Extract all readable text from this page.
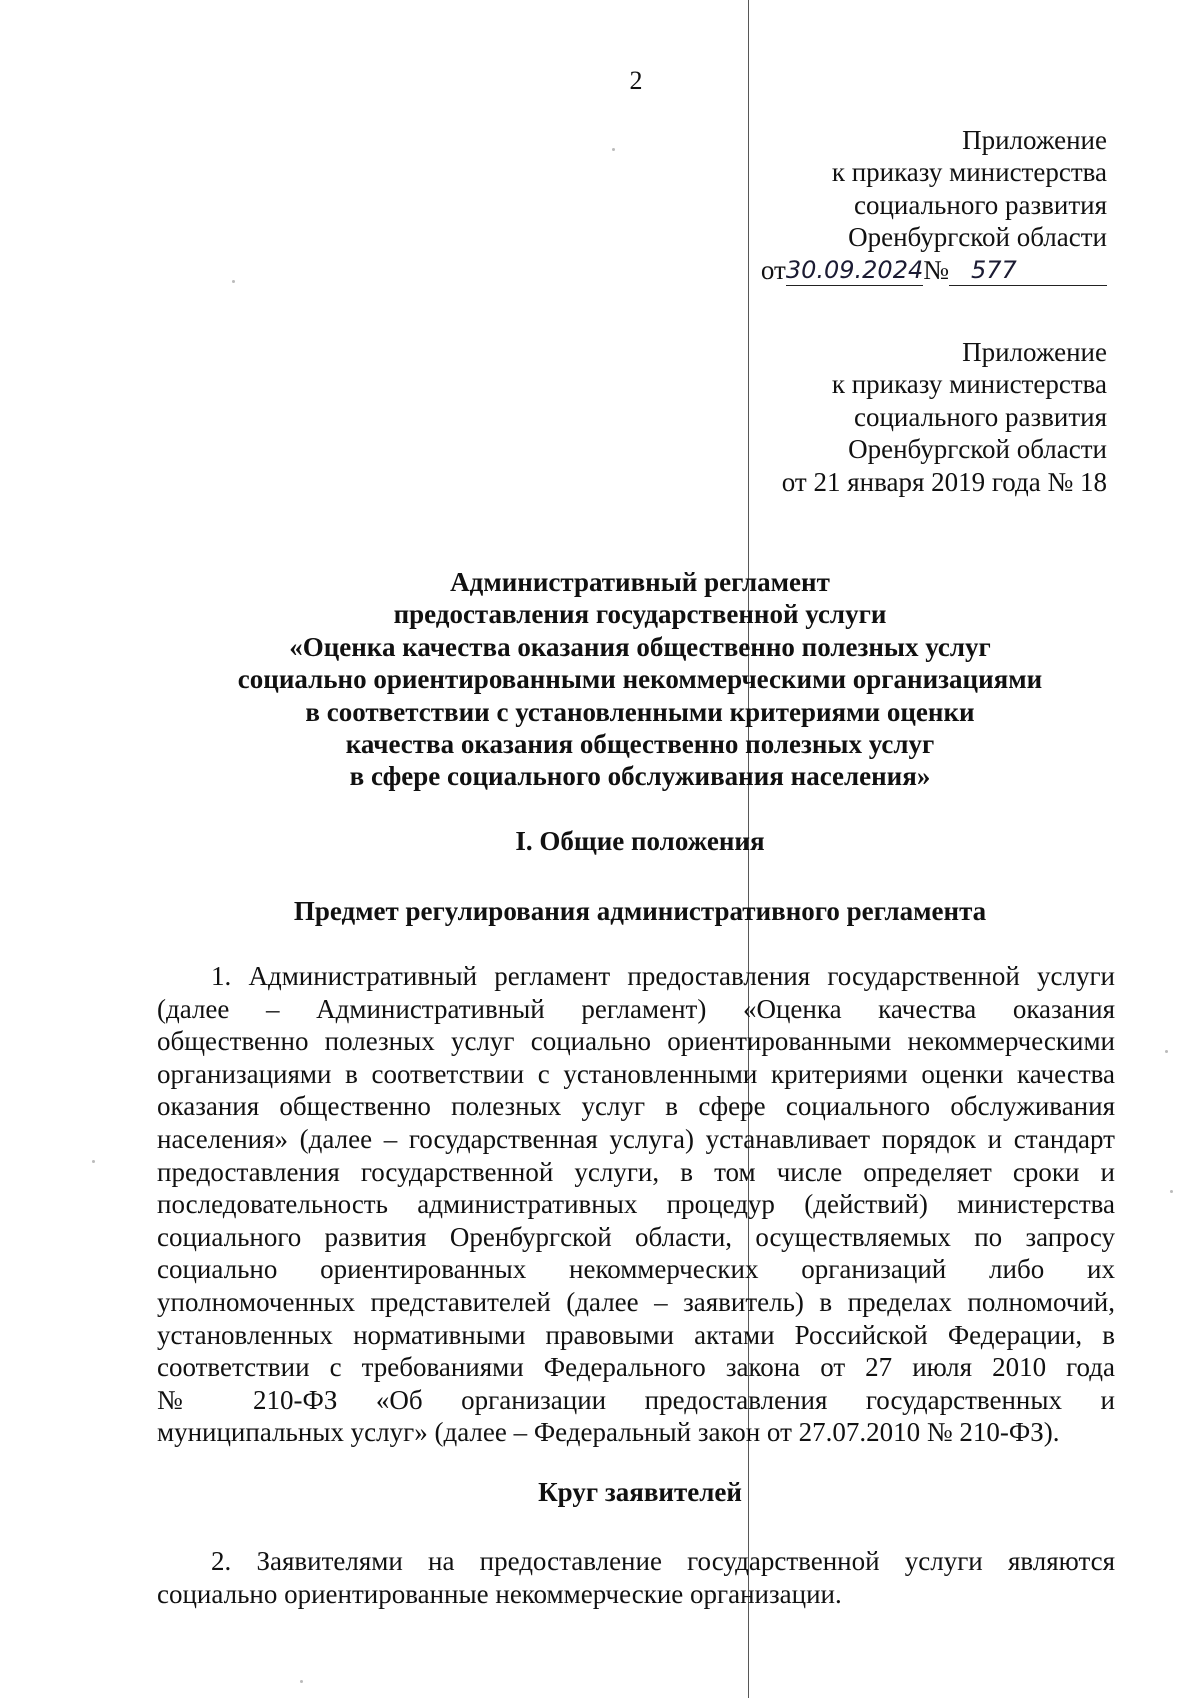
2
Приложение
к приказу министерства
социального развития
Оренбургской области
от 30.09.2024 № 577
Приложение
к приказу министерства
социального развития
Оренбургской области
от 21 января 2019 года № 18
Административный регламент
предоставления государственной услуги
«Оценка качества оказания общественно полезных услуг
социально ориентированными некоммерческими организациями
в соответствии с установленными критериями оценки
качества оказания общественно полезных услуг
в сфере социального обслуживания населения»
I. Общие положения
Предмет регулирования административного регламента
1. Административный регламент предоставления государственной услуги
(далее – Административный регламент) «Оценка качества оказания
общественно полезных услуг социально ориентированными некоммерческими
организациями в соответствии с установленными критериями оценки качества
оказания общественно полезных услуг в сфере социального обслуживания
населения» (далее – государственная услуга) устанавливает порядок и стандарт
предоставления государственной услуги, в том числе определяет сроки и
последовательность административных процедур (действий) министерства
социального развития Оренбургской области, осуществляемых по запросу
социально ориентированных некоммерческих организаций либо их
уполномоченных представителей (далее – заявитель) в пределах полномочий,
установленных нормативными правовыми актами Российской Федерации, в
соответствии с требованиями Федерального закона от 27 июля 2010 года
№ 210-ФЗ «Об организации предоставления государственных и
муниципальных услуг» (далее – Федеральный закон от 27.07.2010 № 210-ФЗ).
Круг заявителей
2. Заявителями на предоставление государственной услуги являются
социально ориентированные некоммерческие организации.
